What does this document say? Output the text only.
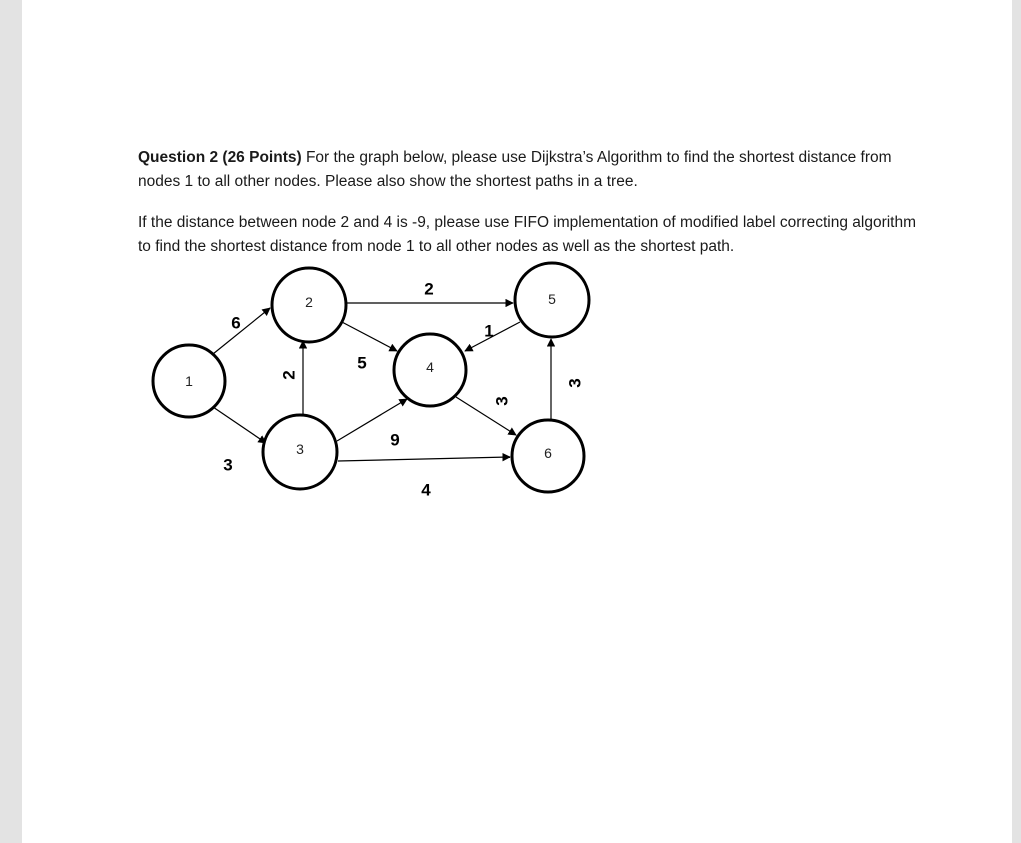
Question 2 (26 Points) For the graph below, please use Dijkstra’s Algorithm to find the shortest distance from nodes 1 to all other nodes. Please also show the shortest paths in a tree.
If the distance between node 2 and 4 is -9, please use FIFO implementation of modified label correcting algorithm to find the shortest distance from node 1 to all other nodes as well as the shortest path.
6
3
2
2
5
1
9
3
4
3
1
2
3
4
5
6
